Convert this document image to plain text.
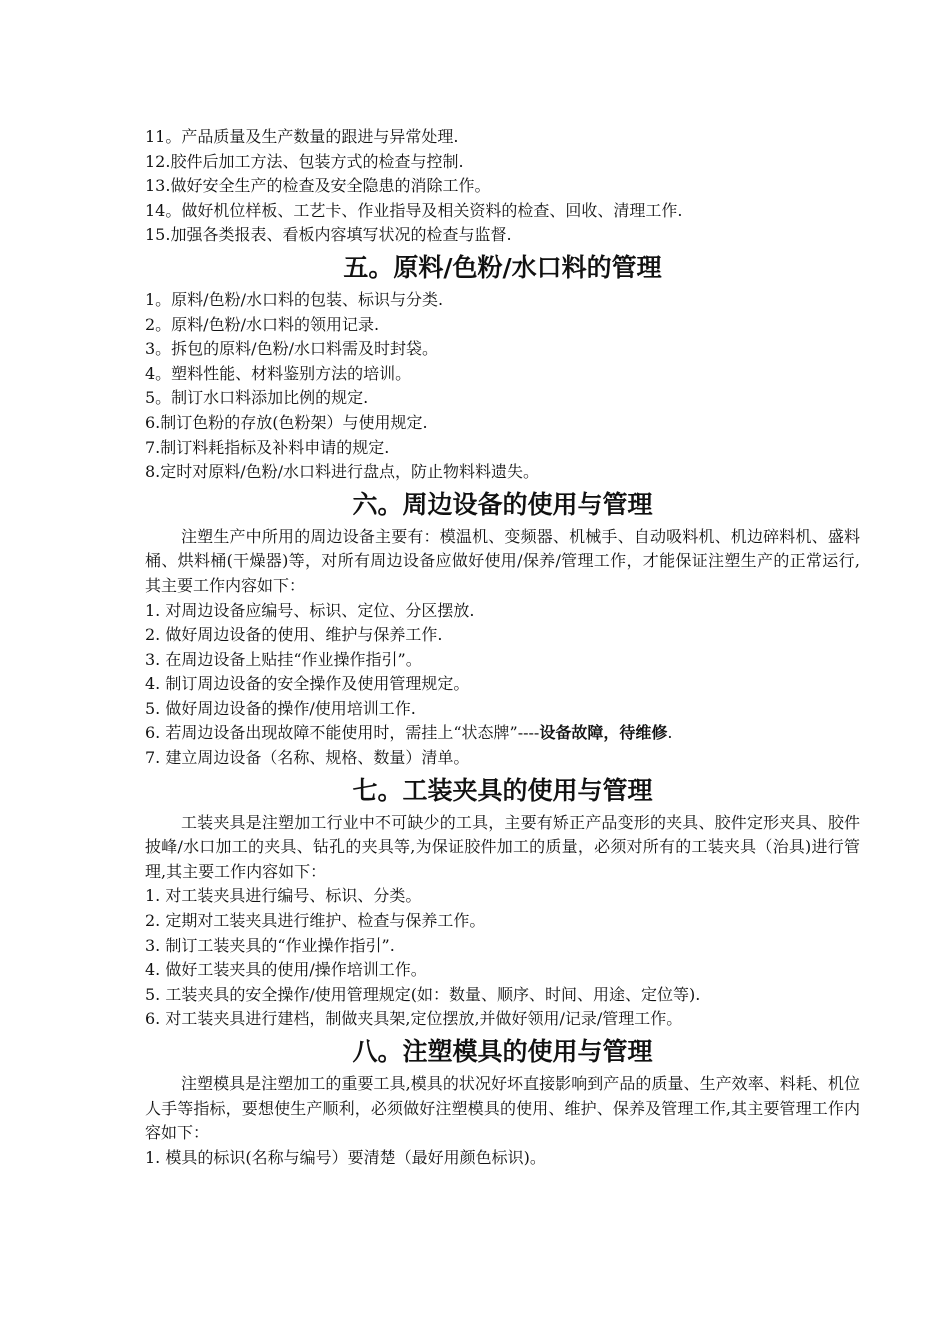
11。产品质量及生产数量的跟进与异常处理.
12.胶件后加工方法、包装方式的检查与控制.
13.做好安全生产的检查及安全隐患的消除工作。
14。做好机位样板、工艺卡、作业指导及相关资料的检查、回收、清理工作.
15.加强各类报表、看板内容填写状况的检查与监督.
五。原料/色粉/水口料的管理
1。原料/色粉/水口料的包装、标识与分类.
2。原料/色粉/水口料的领用记录.
3。拆包的原料/色粉/水口料需及时封袋。
4。塑料性能、材料鉴别方法的培训。
5。制订水口料添加比例的规定.
6.制订色粉的存放(色粉架）与使用规定.
7.制订料耗指标及补料申请的规定.
8.定时对原料/色粉/水口料进行盘点，防止物料料遗失。
六。周边设备的使用与管理
注塑生产中所用的周边设备主要有：模温机、变频器、机械手、自动吸料机、机边碎料机、盛料桶、烘料桶(干燥器)等，对所有周边设备应做好使用/保养/管理工作，才能保证注塑生产的正常运行,其主要工作内容如下：
1. 对周边设备应编号、标识、定位、分区摆放.
2. 做好周边设备的使用、维护与保养工作.
3. 在周边设备上贴挂“作业操作指引”。
4. 制订周边设备的安全操作及使用管理规定。
5. 做好周边设备的操作/使用培训工作.
6. 若周边设备出现故障不能使用时，需挂上“状态牌”----设备故障，待维修.
7. 建立周边设备（名称、规格、数量）清单。
七。工装夹具的使用与管理
工装夹具是注塑加工行业中不可缺少的工具，主要有矫正产品变形的夹具、胶件定形夹具、胶件披峰/水口加工的夹具、钻孔的夹具等,为保证胶件加工的质量，必须对所有的工装夹具（治具)进行管理,其主要工作内容如下：
1. 对工装夹具进行编号、标识、分类。
2. 定期对工装夹具进行维护、检查与保养工作。
3. 制订工装夹具的“作业操作指引”.
4. 做好工装夹具的使用/操作培训工作。
5. 工装夹具的安全操作/使用管理规定(如：数量、顺序、时间、用途、定位等).
6. 对工装夹具进行建档，制做夹具架,定位摆放,并做好领用/记录/管理工作。
八。注塑模具的使用与管理
注塑模具是注塑加工的重要工具,模具的状况好坏直接影响到产品的质量、生产效率、料耗、机位人手等指标，要想使生产顺利，必须做好注塑模具的使用、维护、保养及管理工作,其主要管理工作内容如下：
1. 模具的标识(名称与编号）要清楚（最好用颜色标识)。
